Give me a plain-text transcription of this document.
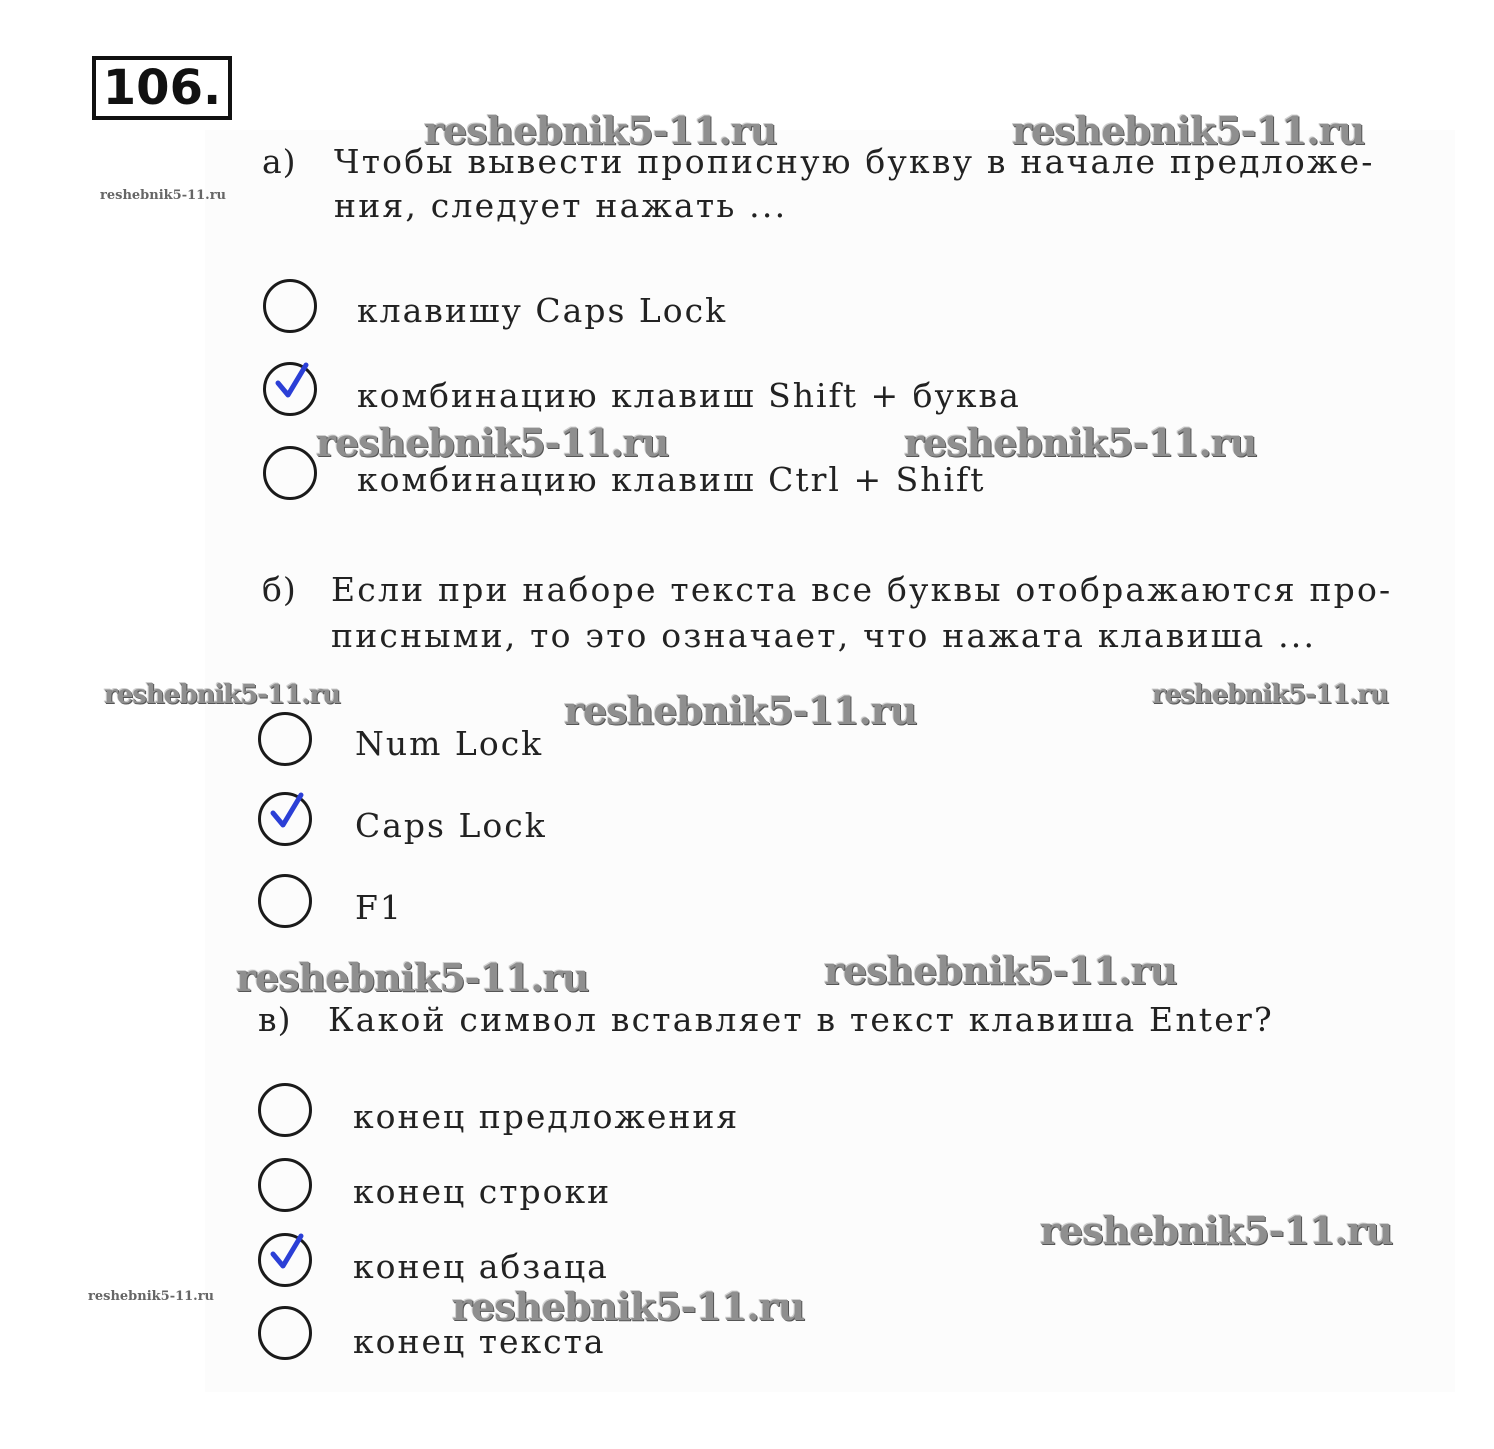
106.
а) Чтобы вывести прописную букву в начале предложе-
ния, следует нажать ...
клавишу Caps Lock
комбинацию клавиш Shift + буква
комбинацию клавиш Ctrl + Shift
б) Если при наборе текста все буквы отображаются про-
писными, то это означает, что нажата клавиша ...
Num Lock
Caps Lock
F1
в) Какой символ вставляет в текст клавиша Enter?
конец предложения
конец строки
конец абзаца
конец текста
reshebnik5-11.ru	reshebnik5-11.ru
reshebnik5-11.ru
reshebnik5-11.ru	reshebnik5-11.ru
reshebnik5-11.ru	reshebnik5-11.ru	reshebnik5-11.ru
reshebnik5-11.ru	reshebnik5-11.ru
reshebnik5-11.ru
reshebnik5-11.ru	reshebnik5-11.ru
